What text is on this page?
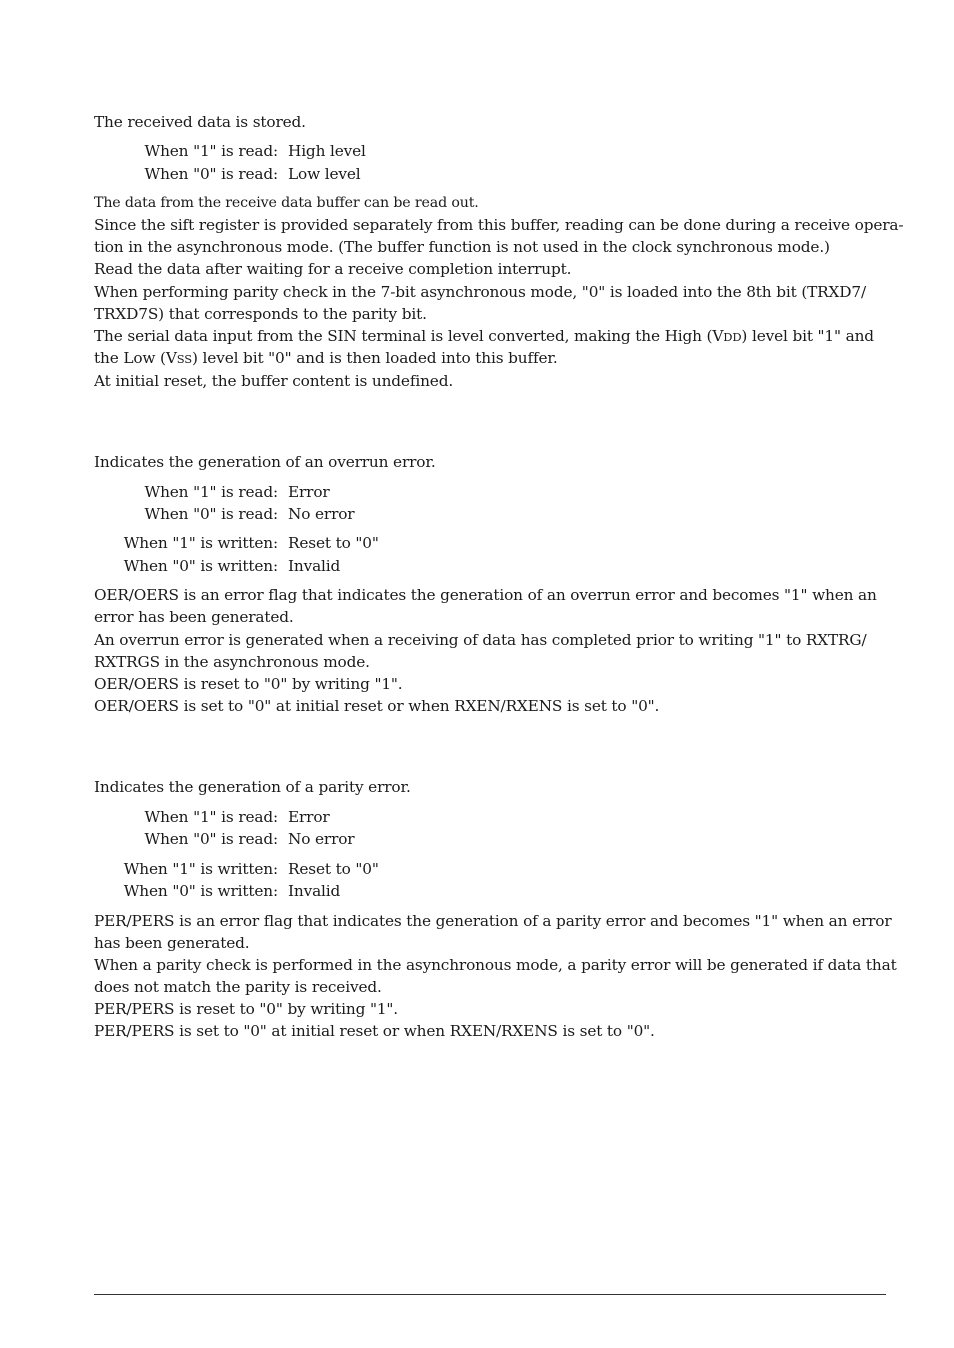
The received data is stored.
When "1" is read: High level
When "0" is read: Low level
The data from the receive data buffer can be read out.
Since the sift register is provided separately from this buffer, reading can be done during a receive opera-
tion in the asynchronous mode. (The buffer function is not used in the clock synchronous mode.)
Read the data after waiting for a receive completion interrupt.
When performing parity check in the 7-bit asynchronous mode, "0" is loaded into the 8th bit (TRXD7/
TRXD7S) that corresponds to the parity bit.
The serial data input from the SIN terminal is level converted, making the High (VDD) level bit "1" and
the Low (VSS) level bit "0" and is then loaded into this buffer.
At initial reset, the buffer content is undefined.
Indicates the generation of an overrun error.
When "1" is read: Error
When "0" is read: No error
When "1" is written: Reset to "0"
When "0" is written: Invalid
OER/OERS is an error flag that indicates the generation of an overrun error and becomes "1" when an
error has been generated.
An overrun error is generated when a receiving of data has completed prior to writing "1" to RXTRG/
RXTRGS in the asynchronous mode.
OER/OERS is reset to "0" by writing "1".
OER/OERS is set to "0" at initial reset or when RXEN/RXENS is set to "0".
Indicates the generation of a parity error.
When "1" is read: Error
When "0" is read: No error
When "1" is written: Reset to "0"
When "0" is written: Invalid
PER/PERS is an error flag that indicates the generation of a parity error and becomes "1" when an error
has been generated.
When a parity check is performed in the asynchronous mode, a parity error will be generated if data that
does not match the parity is received.
PER/PERS is reset to "0" by writing "1".
PER/PERS is set to "0" at initial reset or when RXEN/RXENS is set to "0".
